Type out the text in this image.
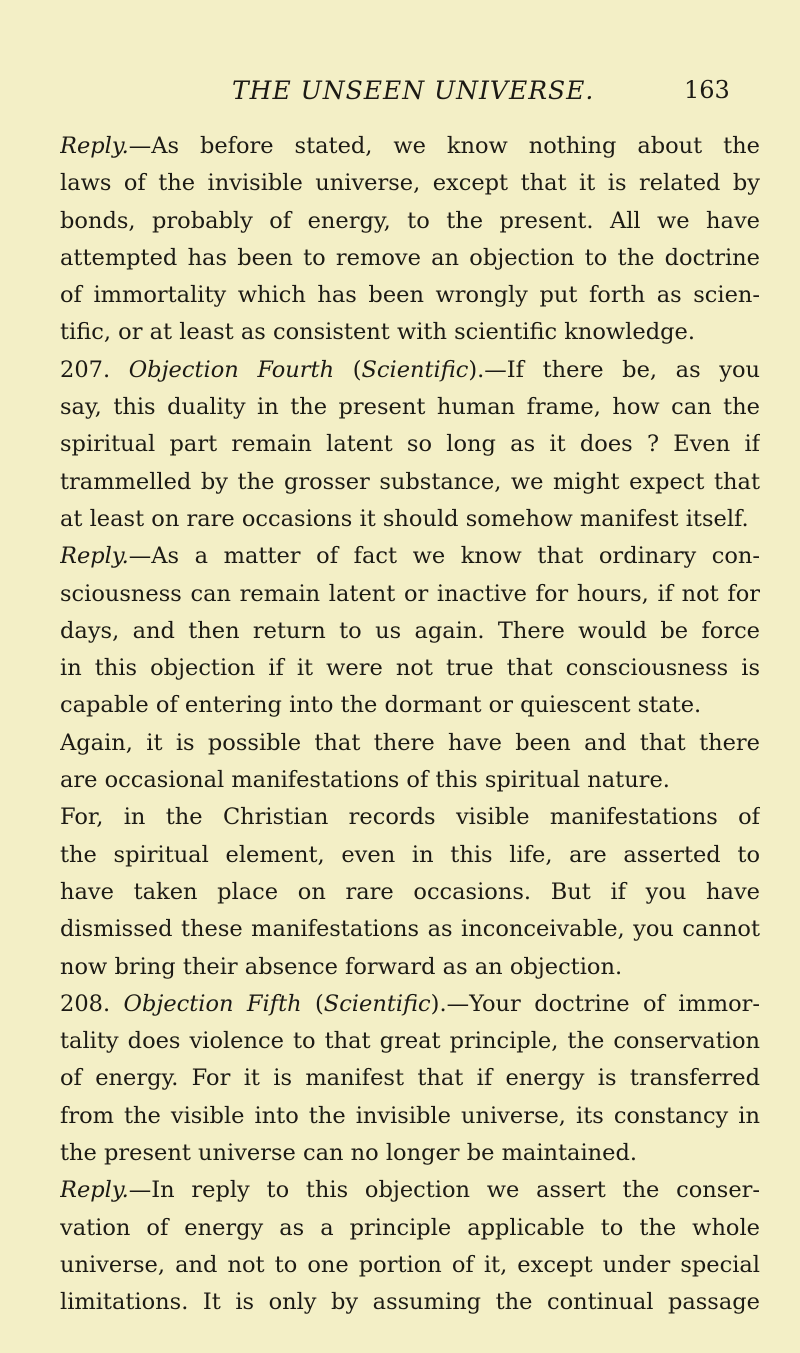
THE UNSEEN UNIVERSE.	163
Reply.—As before stated, we know nothing about the
laws of the invisible universe, except that it is related by
bonds, probably of energy, to the present. All we have
attempted has been to remove an objection to the doctrine
of immortality which has been wrongly put forth as scien-
tific, or at least as consistent with scientific knowledge.
207. Objection Fourth (Scientific).—If there be, as you
say, this duality in the present human frame, how can the
spiritual part remain latent so long as it does ? Even if
trammelled by the grosser substance, we might expect that
at least on rare occasions it should somehow manifest itself.
Reply.—As a matter of fact we know that ordinary con-
sciousness can remain latent or inactive for hours, if not for
days, and then return to us again. There would be force
in this objection if it were not true that consciousness is
capable of entering into the dormant or quiescent state.
Again, it is possible that there have been and that there
are occasional manifestations of this spiritual nature.
For, in the Christian records visible manifestations of
the spiritual element, even in this life, are asserted to
have taken place on rare occasions. But if you have
dismissed these manifestations as inconceivable, you cannot
now bring their absence forward as an objection.
208. Objection Fifth (Scientific).—Your doctrine of immor-
tality does violence to that great principle, the conservation
of energy. For it is manifest that if energy is transferred
from the visible into the invisible universe, its constancy in
the present universe can no longer be maintained.
Reply.—In reply to this objection we assert the conser-
vation of energy as a principle applicable to the whole
universe, and not to one portion of it, except under special
limitations. It is only by assuming the continual passage
